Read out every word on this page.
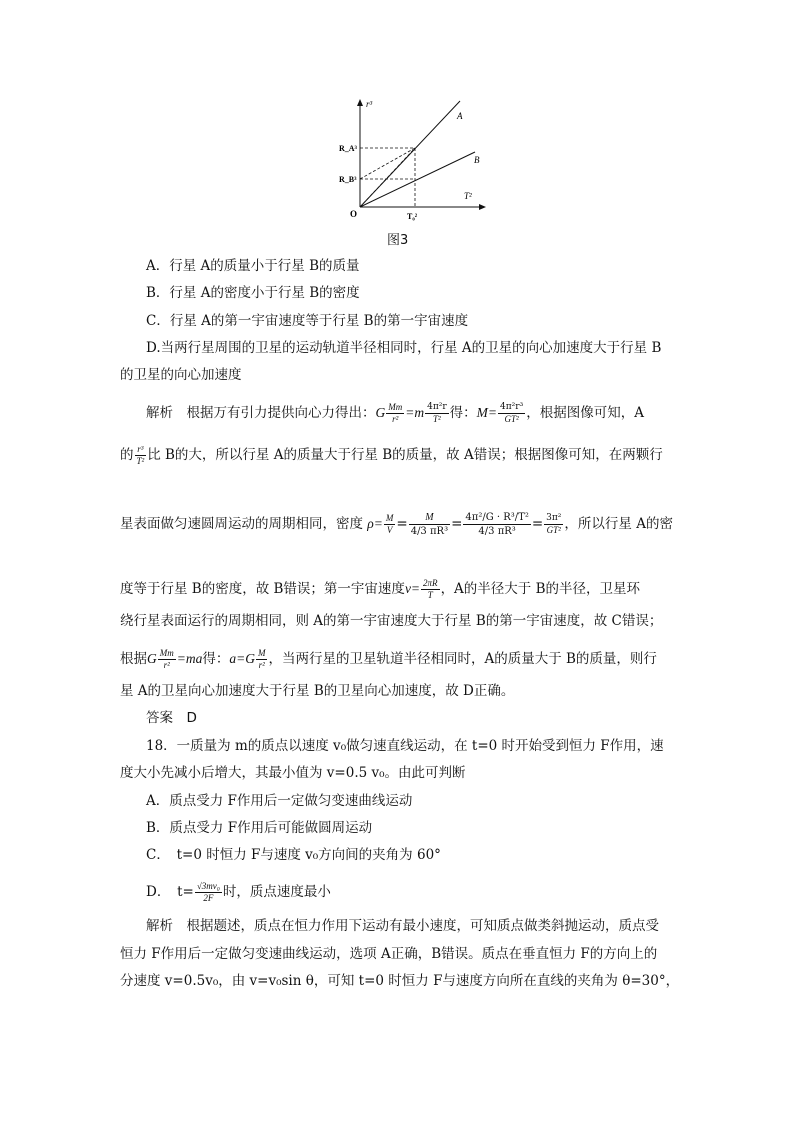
r³
T²
O
R_A³
R_B³
T₀²
A
B
图3
A．行星 A的质量小于行星 B的质量
B．行星 A的密度小于行星 B的密度
C．行星 A的第一宇宙速度等于行星 B的第一宇宙速度
D.当两行星周围的卫星的运动轨道半径相同时，行星 A的卫星的向心加速度大于行星 B
的卫星的向心加速度
解析　根据万有引力提供向心力得出：G $\frac{Mm}{\text{r²}} =m \frac{\text{4π²r}}{\text{T²}}$ 得：$M= \frac{\text{4π²r³}}{\text{GT²}}$ ，根据图像可知，A
的 $\frac{\text{r³}}{\text{T²}}$ 比 B的大，所以行星 A的质量大于行星 B的质量，故 A错误；根据图像可知，在两颗行
星表面做匀速圆周运动的周期相同，密度 $\rho= \frac{M}{V} = \frac{M}{\text{4/3 πR³}} = \frac{\text{4π²/G · R³/T²}}{\text{4/3 πR³}} = \frac{\text{3π²}}{\text{GT²}}$ ，所以行星 A的密
度等于行星 B的密度，故 B错误；第一宇宙速度$v= \frac{2\pi R}{T}$ ，A的半径大于 B的半径，卫星环
绕行星表面运行的周期相同，则 A的第一宇宙速度大于行星 B的第一宇宙速度，故 C错误；
根据G $\frac{Mm}{\text{r²}} =ma$得：$a=G \frac{M}{\text{r²}}$ ，当两行星的卫星轨道半径相同时，A的质量大于 B的质量，则行
星 A的卫星向心加速度大于行星 B的卫星向心加速度，故 D正确。
答案　D
18．一质量为 m的质点以速度 v₀做匀速直线运动，在 t=0 时开始受到恒力 F作用，速
度大小先减小后增大，其最小值为 v=0.5 v₀。由此可判断
A．质点受力 F作用后一定做匀变速曲线运动
B．质点受力 F作用后可能做圆周运动
C．　t=0 时恒力 F与速度 v₀方向间的夹角为 60°
D．　$t= \frac{\text{√3mv₀}}{2F}$ 时，质点速度最小
解析　根据题述，质点在恒力作用下运动有最小速度，可知质点做类斜抛运动，质点受
恒力 F作用后一定做匀变速曲线运动，选项 A正确，B错误。质点在垂直恒力 F的方向上的
分速度 v=0.5v₀，由 v=v₀sin θ，可知 t=0 时恒力 F与速度方向所在直线的夹角为 θ=30°，
